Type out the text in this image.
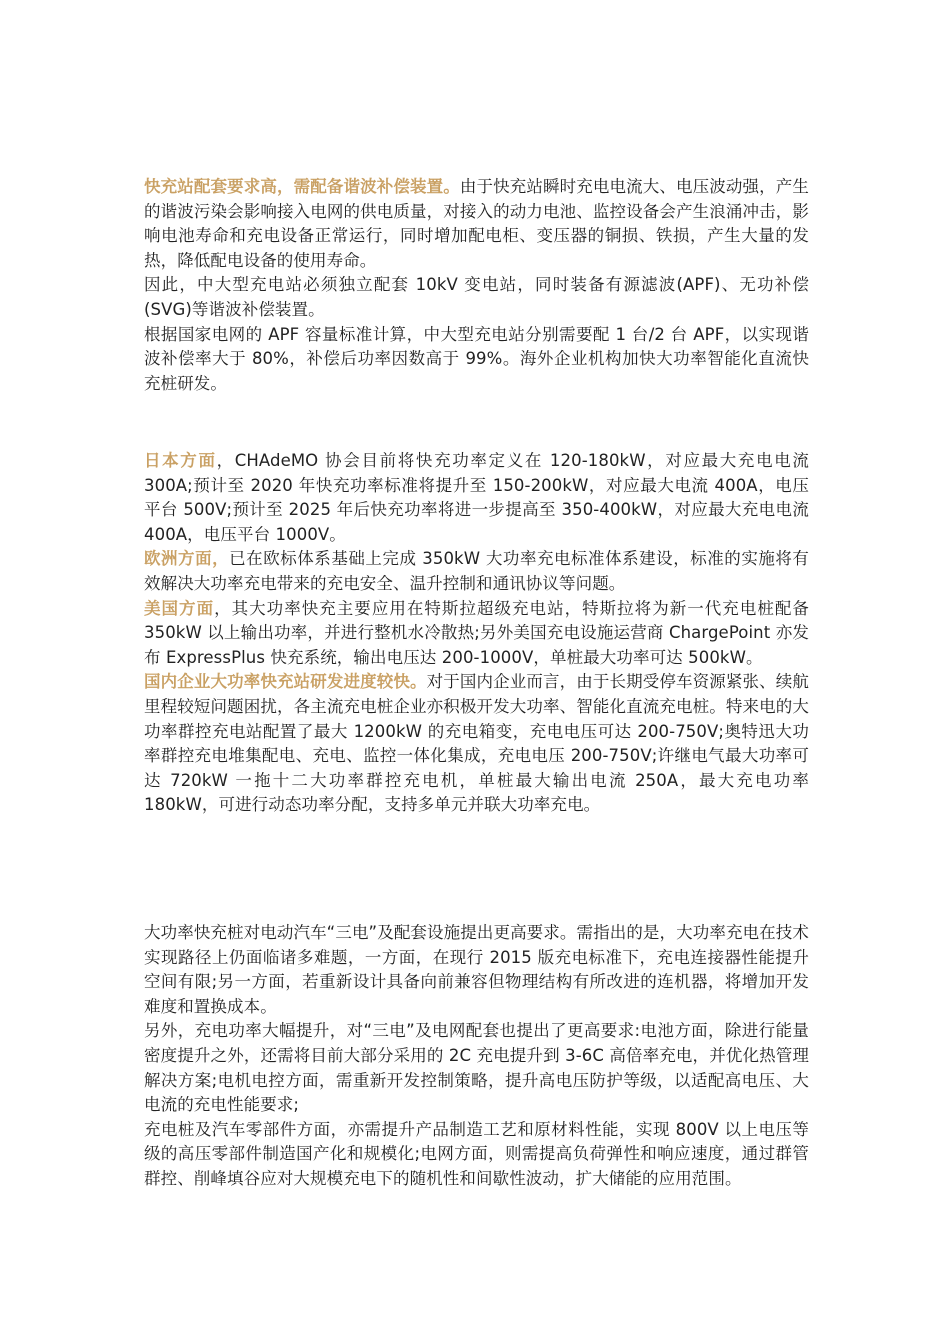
快充站配套要求高，需配备谐波补偿装置。由于快充站瞬时充电电流大、电压波动强，产生的谐波污染会影响接入电网的供电质量，对接入的动力电池、监控设备会产生浪涌冲击，影响电池寿命和充电设备正常运行，同时增加配电柜、变压器的铜损、铁损，产生大量的发热，降低配电设备的使用寿命。

因此，中大型充电站必须独立配套 10kV 变电站，同时装备有源滤波(APF)、无功补偿(SVG)等谐波补偿装置。

根据国家电网的 APF 容量标准计算，中大型充电站分别需要配 1 台/2 台 APF，以实现谐波补偿率大于 80%，补偿后功率因数高于 99%。海外企业机构加快大功率智能化直流快充桩研发。

日本方面，CHAdeMO 协会目前将快充功率定义在 120-180kW，对应最大充电电流 300A;预计至 2020 年快充功率标准将提升至 150-200kW，对应最大电流 400A，电压平台 500V;预计至 2025 年后快充功率将进一步提高至 350-400kW，对应最大充电电流 400A，电压平台 1000V。

欧洲方面，已在欧标体系基础上完成 350kW 大功率充电标准体系建设，标准的实施将有效解决大功率充电带来的充电安全、温升控制和通讯协议等问题。

美国方面，其大功率快充主要应用在特斯拉超级充电站，特斯拉将为新一代充电桩配备 350kW 以上输出功率，并进行整机水冷散热;另外美国充电设施运营商 ChargePoint 亦发布 ExpressPlus 快充系统，输出电压达 200-1000V，单桩最大功率可达 500kW。

国内企业大功率快充站研发进度较快。对于国内企业而言，由于长期受停车资源紧张、续航里程较短问题困扰，各主流充电桩企业亦积极开发大功率、智能化直流充电桩。特来电的大功率群控充电站配置了最大 1200kW 的充电箱变，充电电压可达 200-750V;奥特迅大功率群控充电堆集配电、充电、监控一体化集成，充电电压 200-750V;许继电气最大功率可达 720kW 一拖十二大功率群控充电机，单桩最大输出电流 250A，最大充电功率 180kW，可进行动态功率分配，支持多单元并联大功率充电。

大功率快充桩对电动汽车“三电”及配套设施提出更高要求。需指出的是，大功率充电在技术实现路径上仍面临诸多难题，一方面，在现行 2015 版充电标准下，充电连接器性能提升空间有限;另一方面，若重新设计具备向前兼容但物理结构有所改进的连机器，将增加开发难度和置换成本。

另外，充电功率大幅提升，对“三电”及电网配套也提出了更高要求:电池方面，除进行能量密度提升之外，还需将目前大部分采用的 2C 充电提升到 3-6C 高倍率充电，并优化热管理解决方案;电机电控方面，需重新开发控制策略，提升高电压防护等级，以适配高电压、大电流的充电性能要求;

充电桩及汽车零部件方面，亦需提升产品制造工艺和原材料性能，实现 800V 以上电压等级的高压零部件制造国产化和规模化;电网方面，则需提高负荷弹性和响应速度，通过群管群控、削峰填谷应对大规模充电下的随机性和间歇性波动，扩大储能的应用范围。
